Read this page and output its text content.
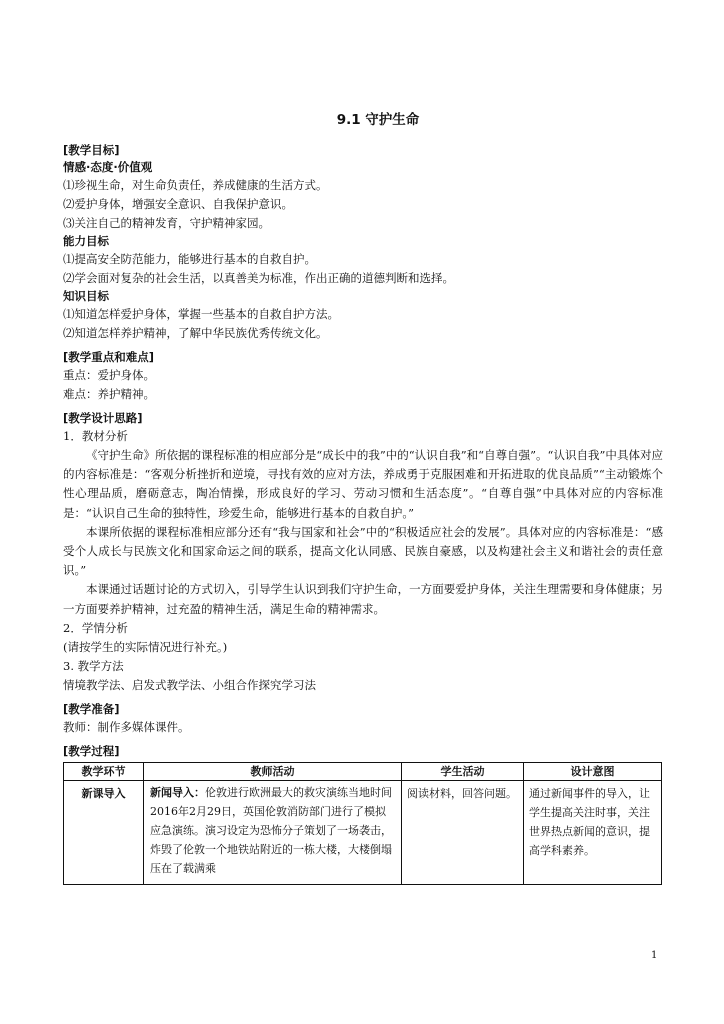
9.1 守护生命
[教学目标]
情感·态度·价值观
⑴珍视生命，对生命负责任，养成健康的生活方式。
⑵爱护身体，增强安全意识、自我保护意识。
⑶关注自己的精神发育，守护精神家园。
能力目标
⑴提高安全防范能力，能够进行基本的自救自护。
⑵学会面对复杂的社会生活，以真善美为标准，作出正确的道德判断和选择。
知识目标
⑴知道怎样爱护身体，掌握一些基本的自救自护方法。
⑵知道怎样养护精神，了解中华民族优秀传统文化。
[教学重点和难点]
重点：爱护身体。
难点：养护精神。
[教学设计思路]
1．教材分析
《守护生命》所依据的课程标准的相应部分是“成长中的我”中的“认识自我”和“自尊自强”。“认识自我”中具体对应的内容标准是：“客观分析挫折和逆境，寻找有效的应对方法，养成勇于克服困难和开拓进取的优良品质”“主动锻炼个性心理品质，磨砺意志，陶冶情操，形成良好的学习、劳动习惯和生活态度”。“自尊自强”中具体对应的内容标准是：“认识自己生命的独特性，珍爱生命，能够进行基本的自救自护。”
本课所依据的课程标准相应部分还有“我与国家和社会”中的“积极适应社会的发展”。具体对应的内容标准是：“感受个人成长与民族文化和国家命运之间的联系，提高文化认同感、民族自豪感，以及构建社会主义和谐社会的责任意识。”
本课通过话题讨论的方式切入，引导学生认识到我们守护生命，一方面要爱护身体，关注生理需要和身体健康；另一方面要养护精神，过充盈的精神生活，满足生命的精神需求。
2．学情分析
(请按学生的实际情况进行补充。)
3. 教学方法
情境教学法、启发式教学法、小组合作探究学习法
[教学准备]
教师：制作多媒体课件。
[教学过程]
教学环节	教师活动	学生活动	设计意图
新课导入	新闻导入：伦敦进行欧洲最大的救灾演练当地时间2016年2月29日，英国伦敦消防部门进行了模拟应急演练。演习设定为恐怖分子策划了一场袭击，炸毁了伦敦一个地铁站附近的一栋大楼，大楼倒塌压在了载满乘	阅读材料，回答问题。	通过新闻事件的导入，让学生提高关注时事，关注世界热点新闻的意识，提高学科素养。
1
